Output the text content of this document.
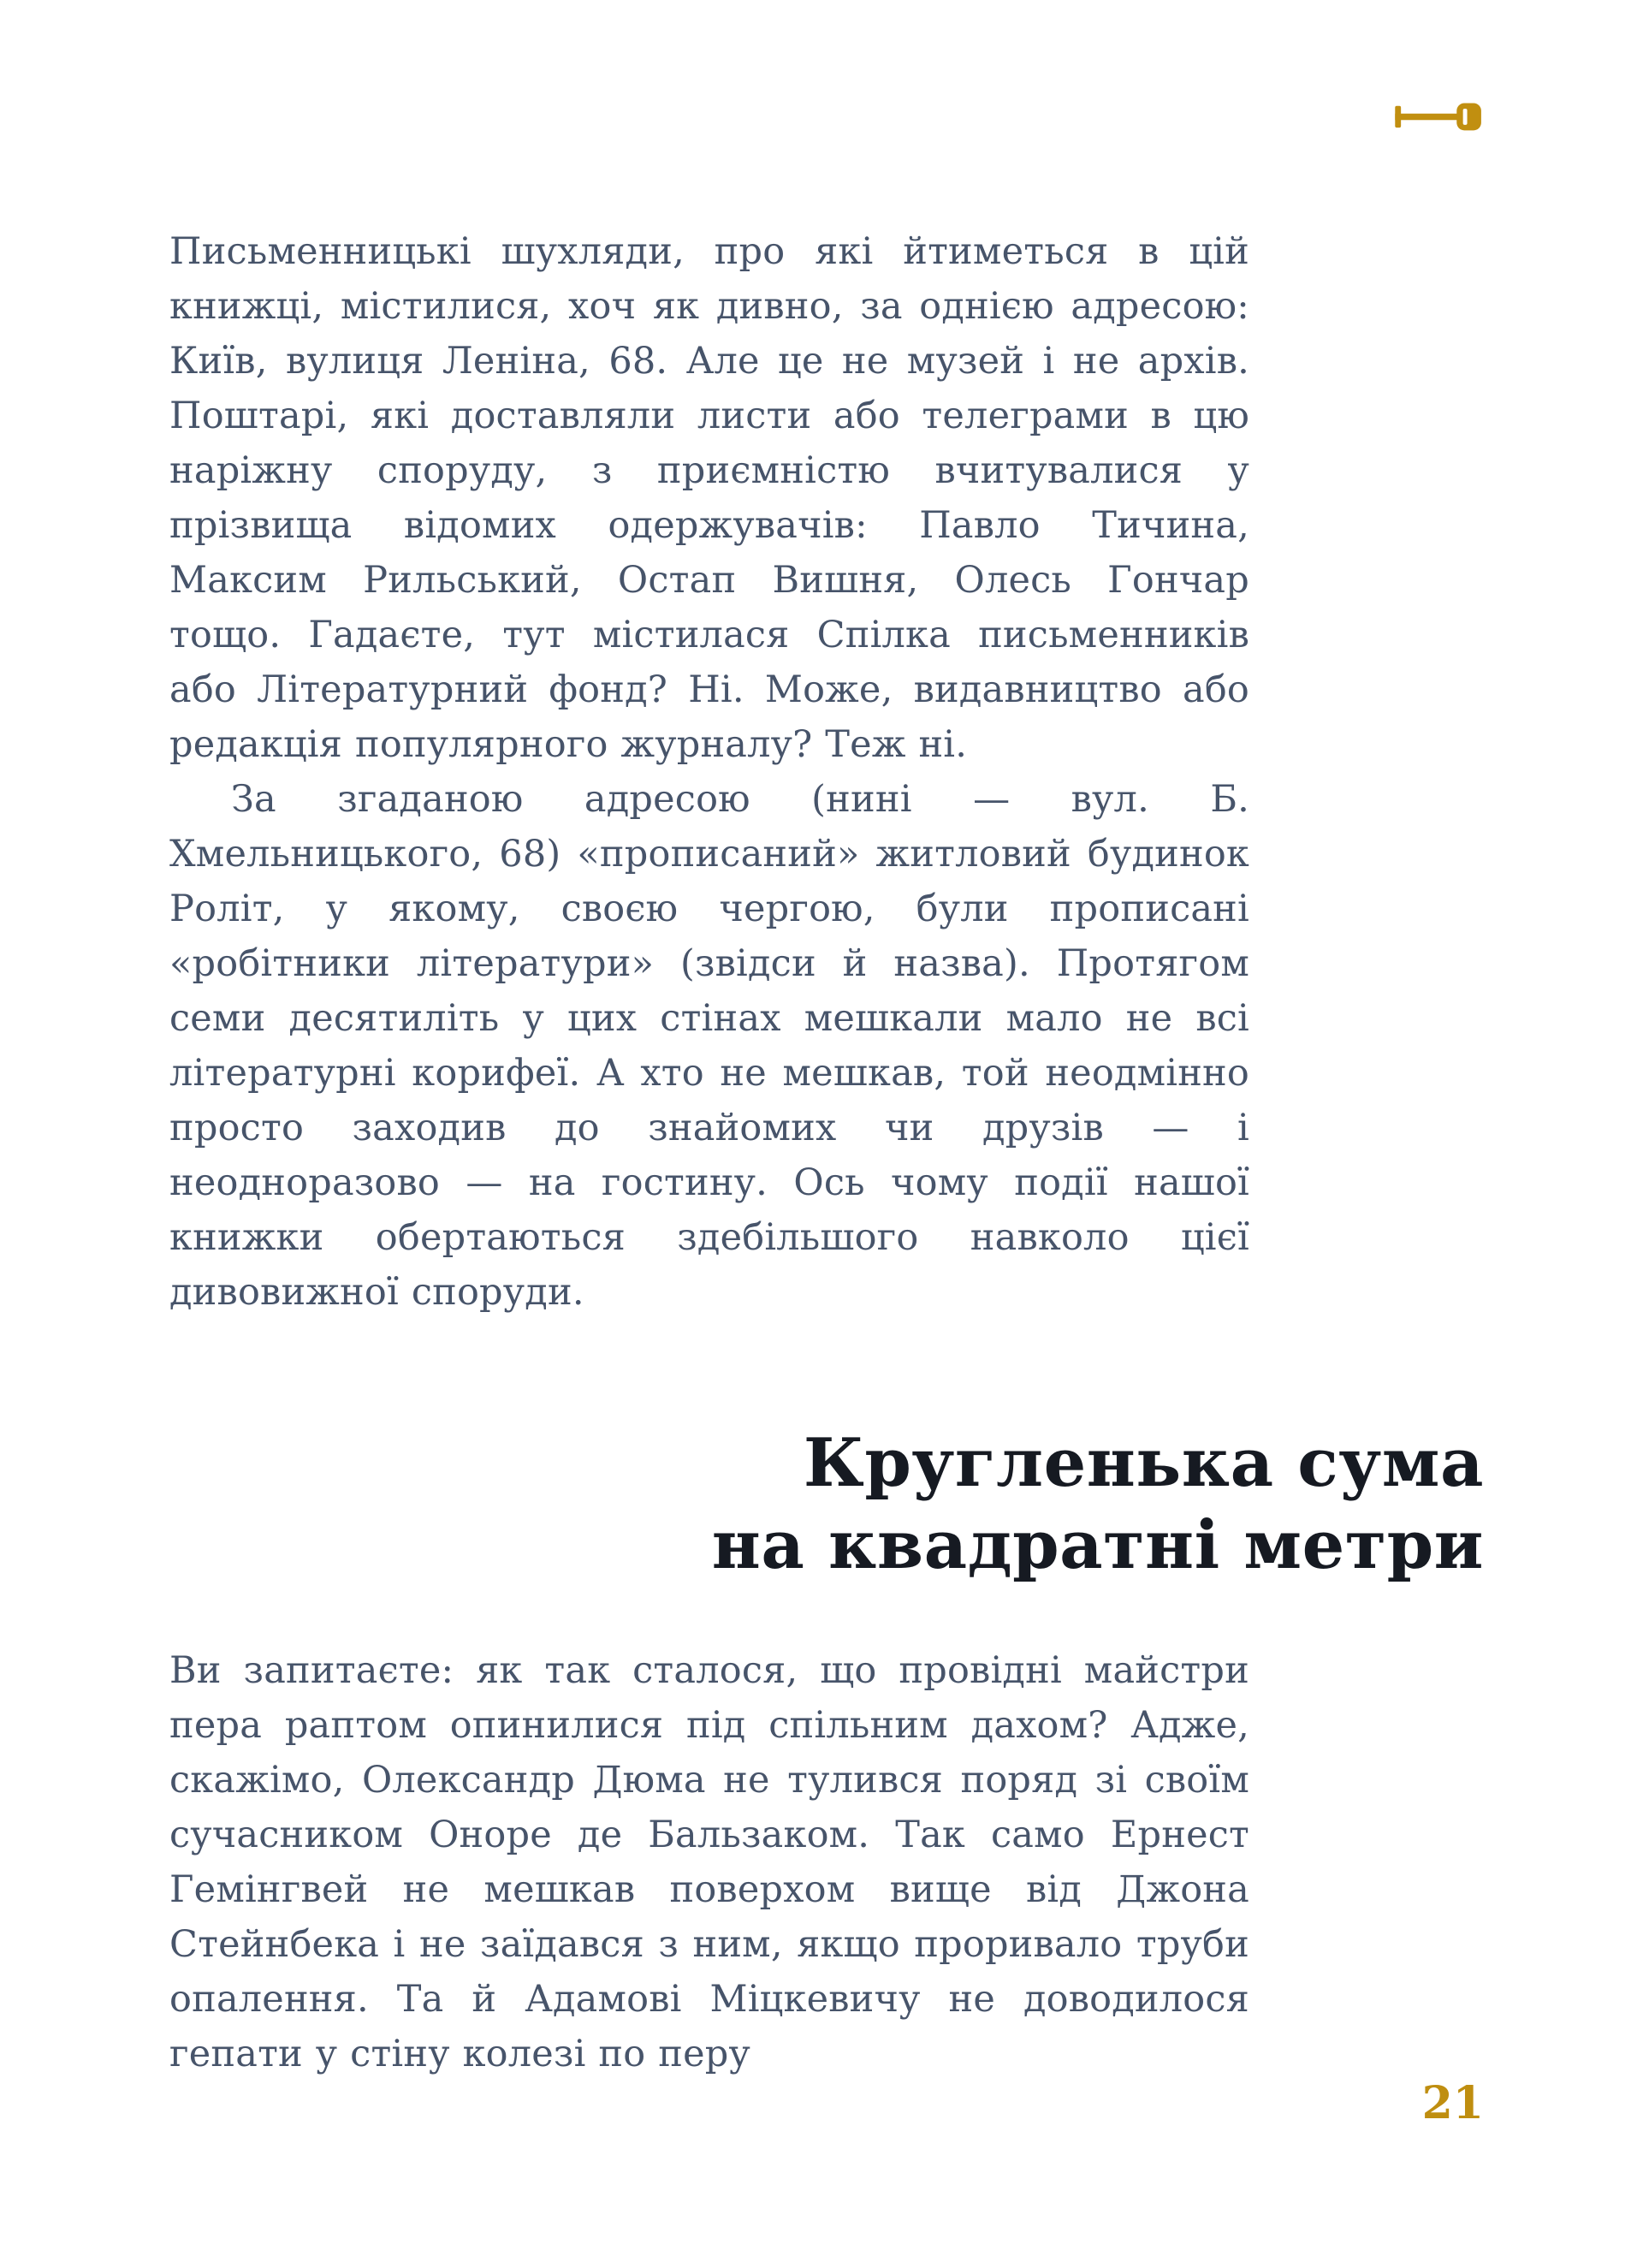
Письменницькі шухляди, про які йтиметься в цій книжці, містилися, хоч як дивно, за однією адресою: Київ, вулиця Леніна, 68. Але це не музей і не архів. Поштарі, які доставляли листи або телеграми в цю наріжну споруду, з приємністю вчитувалися у прізвища відомих одержувачів: Павло Тичина, Максим Рильський, Остап Вишня, Олесь Гончар тощо. Гадаєте, тут містилася Спілка письменників або Літературний фонд? Ні. Може, видавництво або редакція популярного журналу? Теж ні.

За згаданою адресою (нині — вул. Б. Хмельницького, 68) «прописаний» житловий будинок Роліт, у якому, своєю чергою, були прописані «робітники літератури» (звідси й назва). Протягом семи десятиліть у цих стінах мешкали мало не всі літературні корифеї. А хто не мешкав, той неодмінно просто заходив до знайомих чи друзів — і неодноразово — на гостину. Ось чому події нашої книжки обертаються здебільшого навколо цієї дивовижної споруди.

Кругленька сума
на квадратні метри

Ви запитаєте: як так сталося, що провідні майстри пера раптом опинилися під спільним дахом? Адже, скажімо, Олександр Дюма не тулився поряд зі своїм сучасником Оноре де Бальзаком. Так само Ернест Гемінгвей не мешкав поверхом вище від Джона Стейнбека і не заїдався з ним, якщо проривало труби опалення. Та й Адамові Міцкевичу не доводилося гепати у стіну колезі по перу

21
